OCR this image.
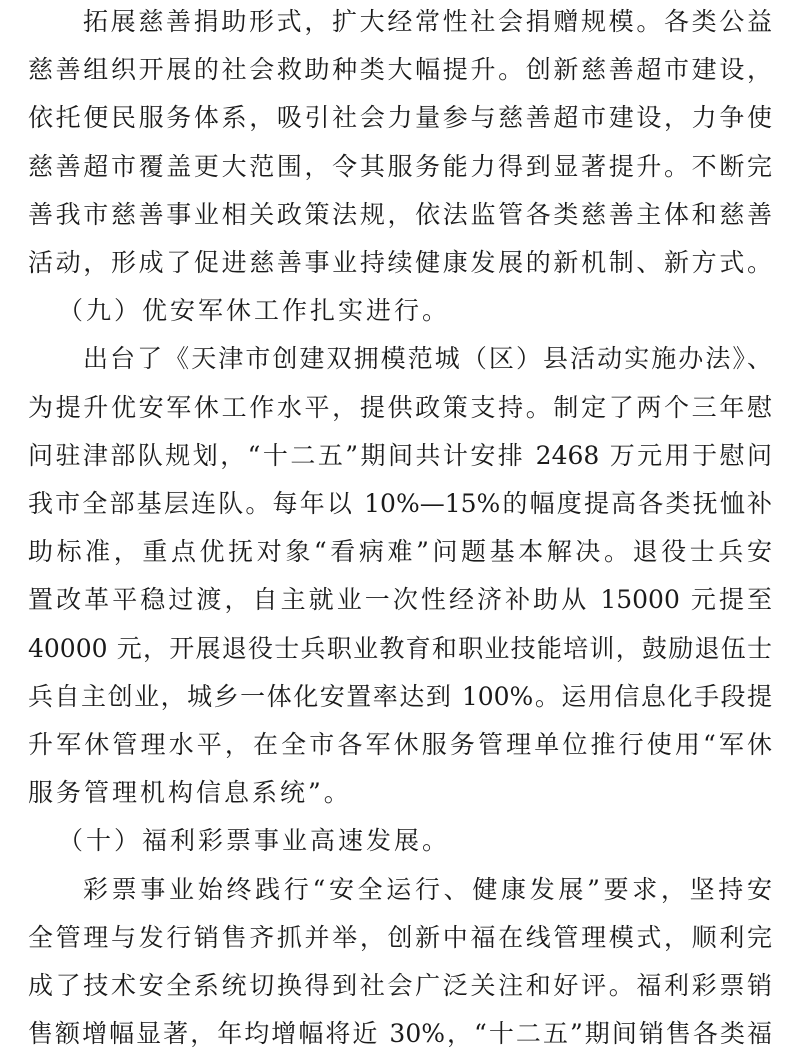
拓展慈善捐助形式，扩大经常性社会捐赠规模。各类公益
慈善组织开展的社会救助种类大幅提升。创新慈善超市建设，
依托便民服务体系，吸引社会力量参与慈善超市建设，力争使
慈善超市覆盖更大范围，令其服务能力得到显著提升。不断完
善我市慈善事业相关政策法规，依法监管各类慈善主体和慈善
活动，形成了促进慈善事业持续健康发展的新机制、新方式。
（九）优安军休工作扎实进行。
出台了《天津市创建双拥模范城（区）县活动实施办法》、
为提升优安军休工作水平，提供政策支持。制定了两个三年慰
问驻津部队规划，“十二五”期间共计安排 2468 万元用于慰问
我市全部基层连队。每年以 10%—15%的幅度提高各类抚恤补
助标准，重点优抚对象“看病难”问题基本解决。退役士兵安
置改革平稳过渡，自主就业一次性经济补助从 15000 元提至
40000 元，开展退役士兵职业教育和职业技能培训，鼓励退伍士
兵自主创业，城乡一体化安置率达到 100%。运用信息化手段提
升军休管理水平，在全市各军休服务管理单位推行使用“军休
服务管理机构信息系统”。
（十）福利彩票事业高速发展。
彩票事业始终践行“安全运行、健康发展”要求，坚持安
全管理与发行销售齐抓并举，创新中福在线管理模式，顺利完
成了技术安全系统切换得到社会广泛关注和好评。福利彩票销
售额增幅显著，年均增幅将近 30%，“十二五”期间销售各类福
